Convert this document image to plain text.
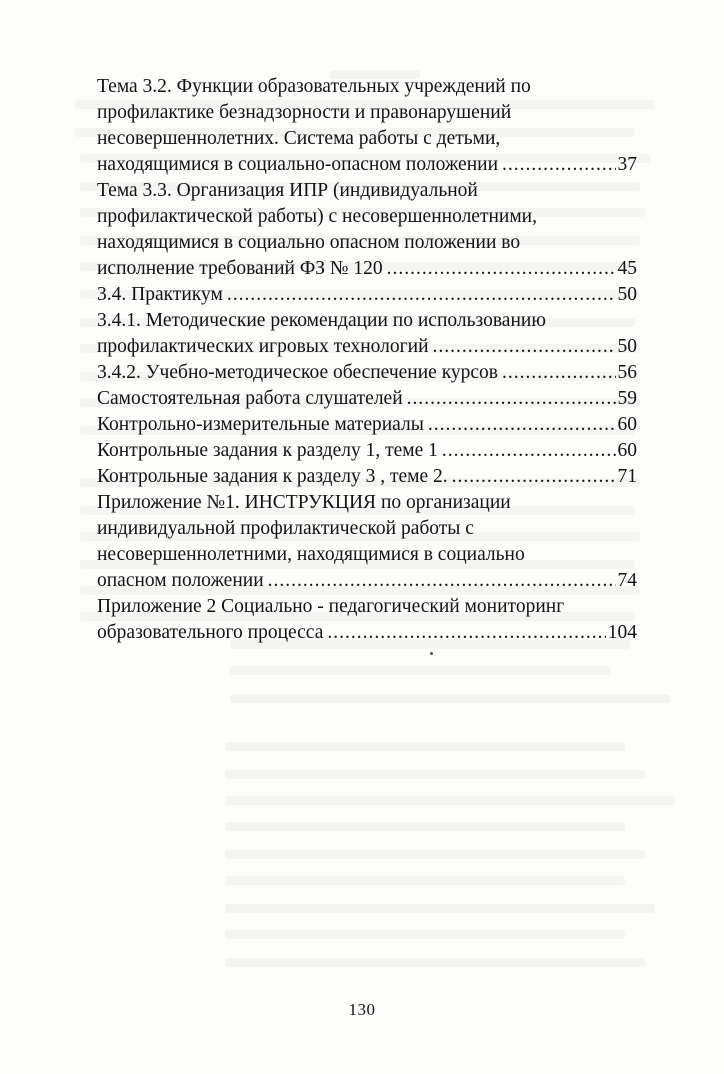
Тема 3.2. Функции образовательных учреждений по
профилактике безнадзорности и правонарушений
несовершеннолетних. Система работы с детьми,
находящимися в социально-опасном положении .....	37
Тема 3.3. Организация ИПР (индивидуальной
профилактической работы) с несовершеннолетними,
находящимися в социально опасном положении во
исполнение требований ФЗ № 120 .....	45
3.4. Практикум .....	50
3.4.1. Методические рекомендации по использованию
профилактических игровых технологий .....	50
3.4.2. Учебно-методическое обеспечение курсов .....	56
Самостоятельная работа слушателей .....	59
Контрольно-измерительные материалы .....	60
Контрольные задания к разделу 1, теме 1 .....	60
Контрольные задания к разделу 3 , теме 2. .....	71
Приложение №1. ИНСТРУКЦИЯ по организации
индивидуальной профилактической работы с
несовершеннолетними, находящимися в социально
опасном положении .....	74
Приложение 2 Социально - педагогический мониторинг
образовательного процесса .....	104
130
